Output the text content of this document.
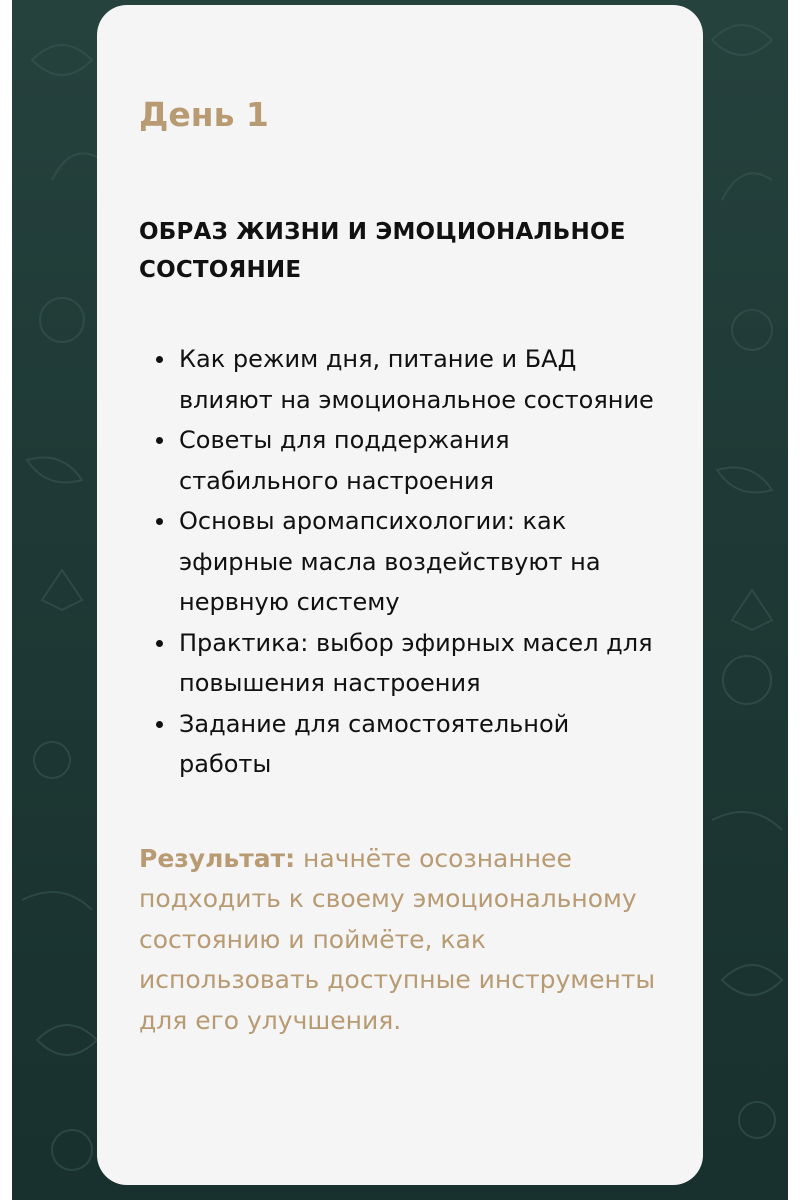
День 1
ОБРАЗ ЖИЗНИ И ЭМОЦИОНАЛЬНОЕ СОСТОЯНИЕ
Как режим дня, питание и БАД влияют на эмоциональное состояние
Советы для поддержания стабильного настроения
Основы аромапсихологии: как эфирные масла воздействуют на нервную систему
Практика: выбор эфирных масел для повышения настроения
Задание для самостоятельной работы

Результат: начнёте осознаннее подходить к своему эмоциональному состоянию и поймёте, как использовать доступные инструменты для его улучшения.
